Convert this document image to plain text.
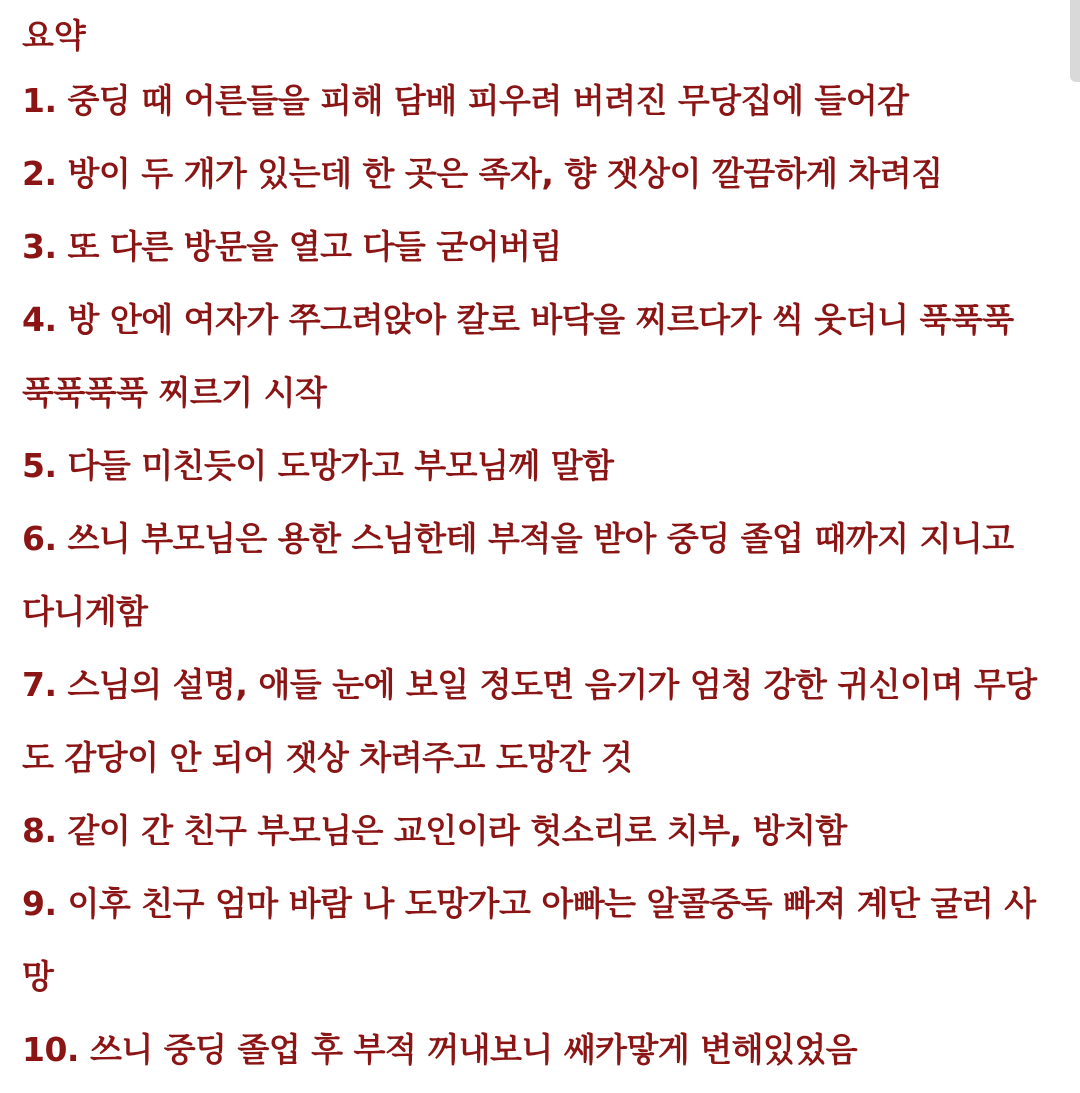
요약

1. 중딩 때 어른들을 피해 담배 피우려 버려진 무당집에 들어감

2. 방이 두 개가 있는데 한 곳은 족자, 향 잿상이 깔끔하게 차려짐

3. 또 다른 방문을 열고 다들 굳어버림

4. 방 안에 여자가 쭈그려앉아 칼로 바닥을 찌르다가 씩 웃더니 푹푹푹

푹푹푹푹 찌르기 시작

5. 다들 미친듯이 도망가고 부모님께 말함

6. 쓰니 부모님은 용한 스님한테 부적을 받아 중딩 졸업 때까지 지니고

다니게함

7. 스님의 설명, 애들 눈에 보일 정도면 음기가 엄청 강한 귀신이며 무당

도 감당이 안 되어 잿상 차려주고 도망간 것

8. 같이 간 친구 부모님은 교인이라 헛소리로 치부, 방치함

9. 이후 친구 엄마 바람 나 도망가고 아빠는 알콜중독 빠져 계단 굴러 사

망

10. 쓰니 중딩 졸업 후 부적 꺼내보니 쌔카맣게 변해있었음
